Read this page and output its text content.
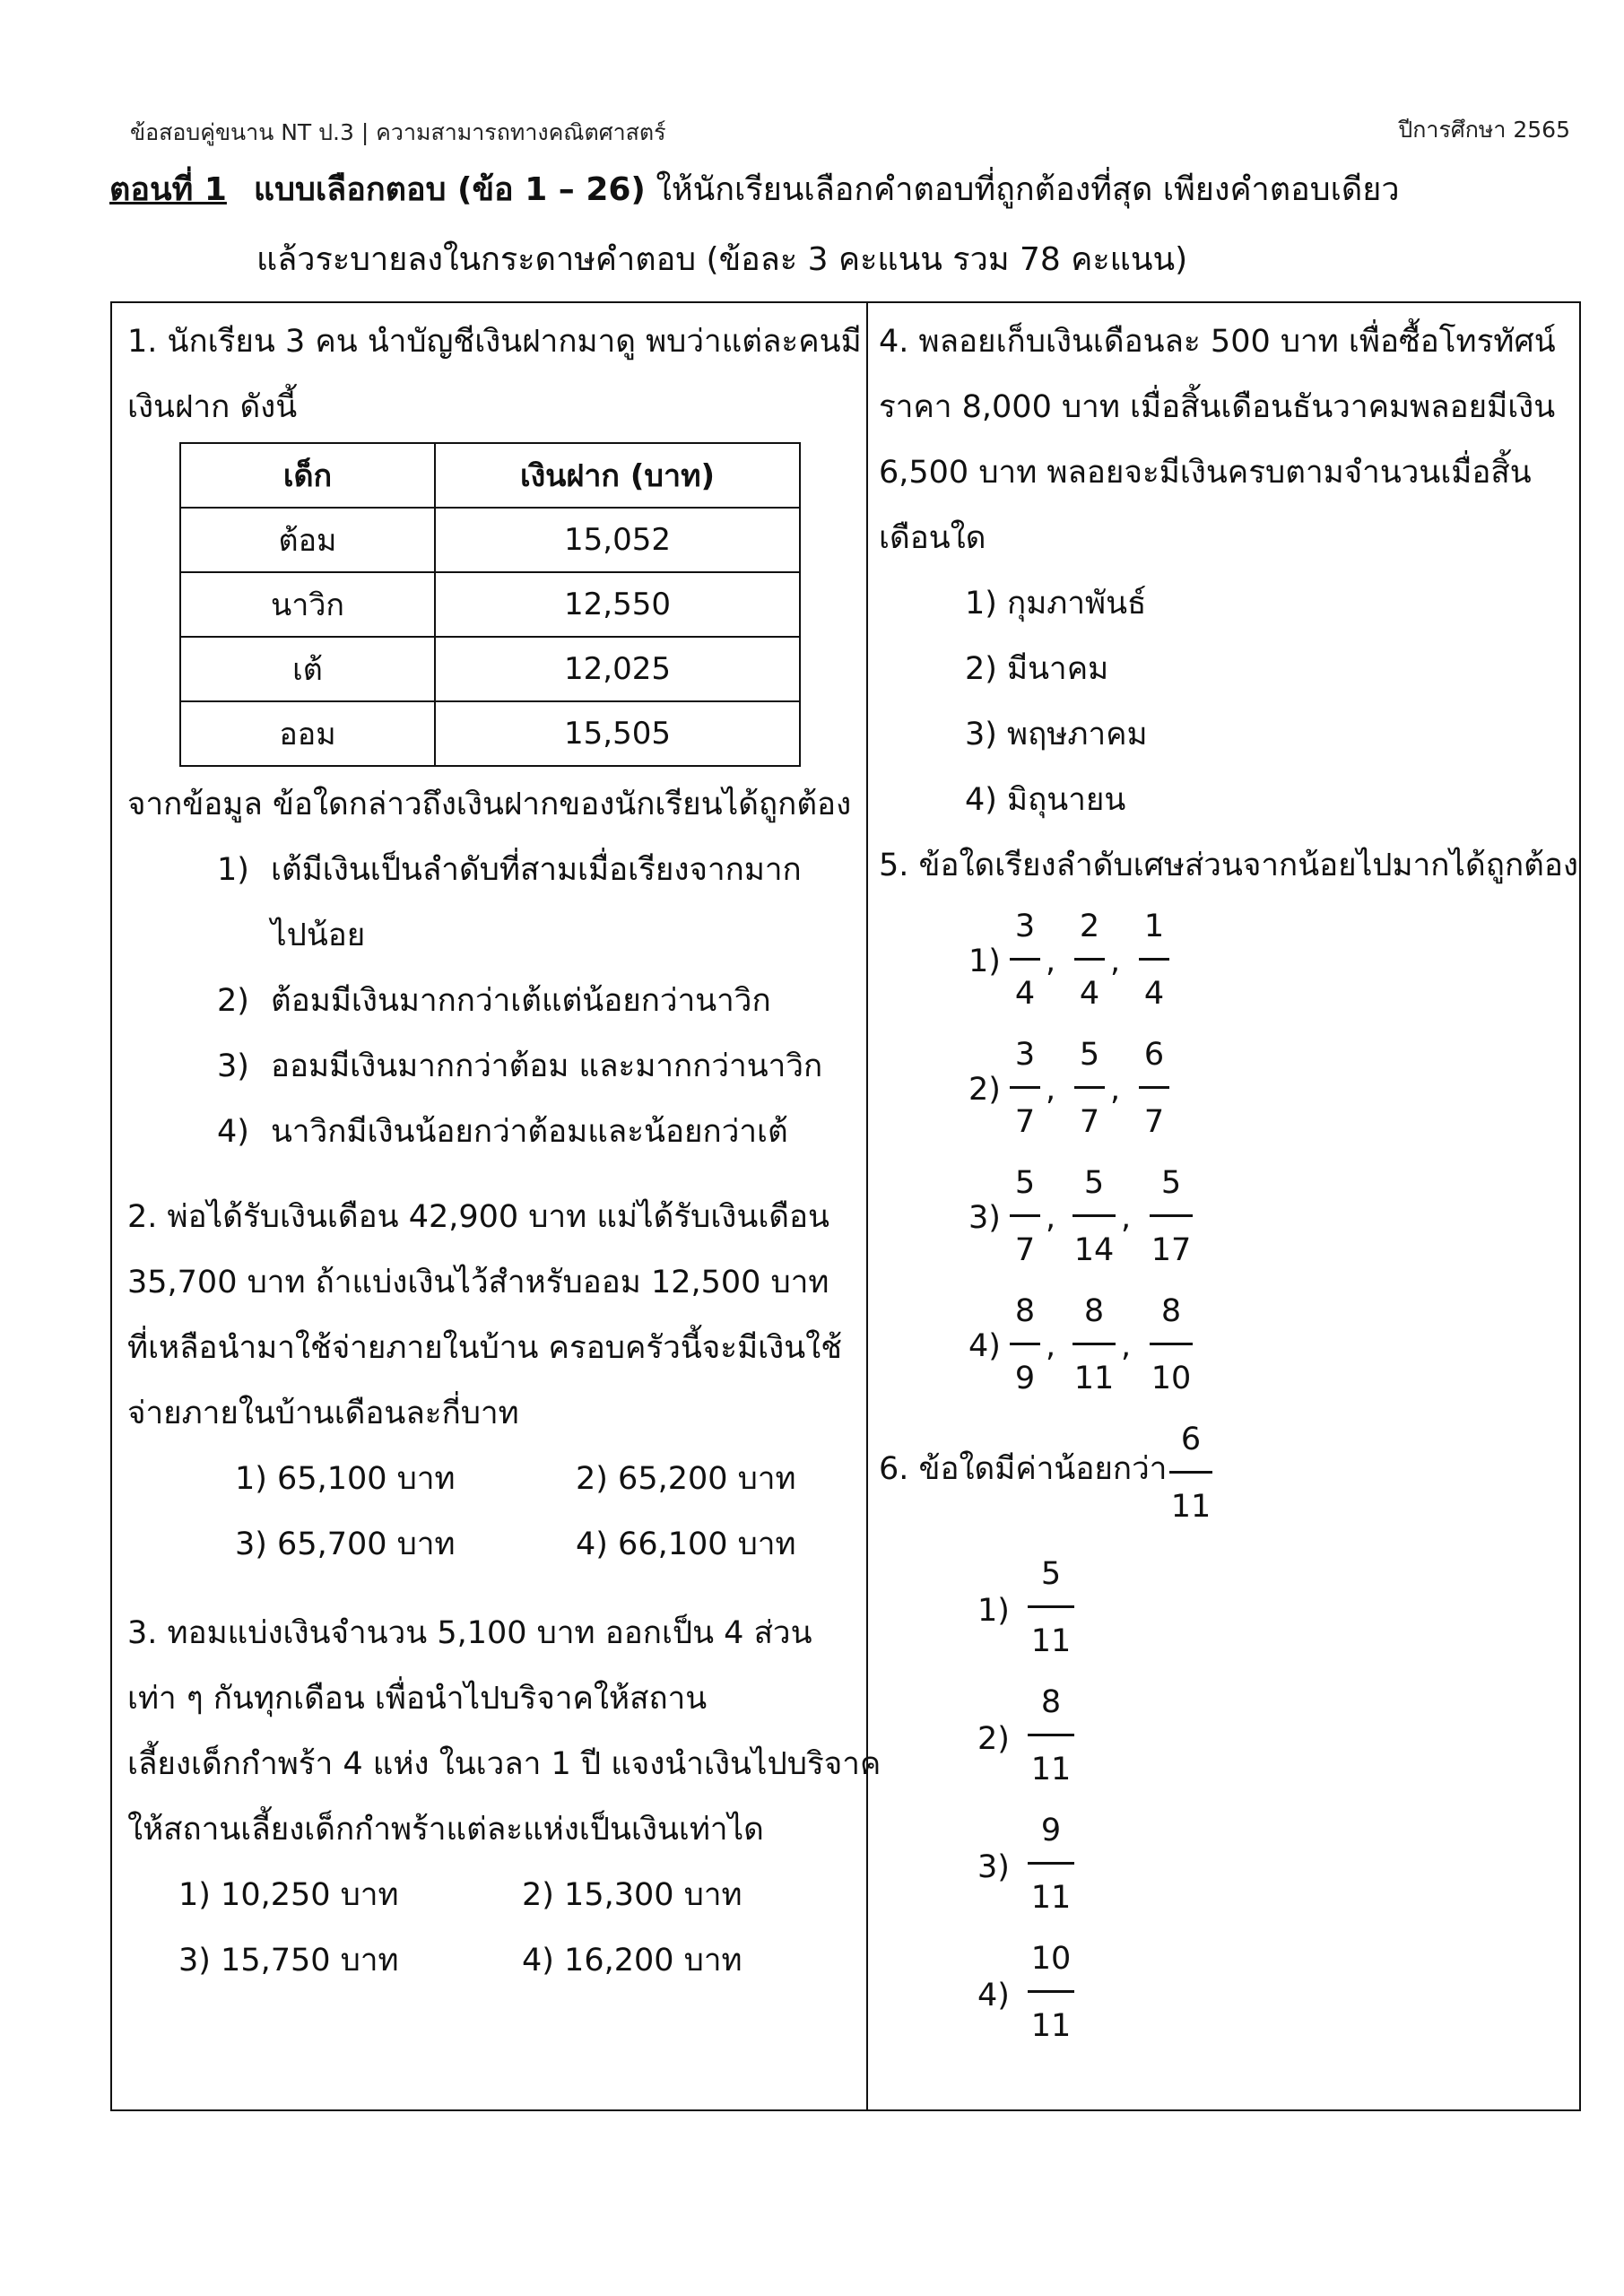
ข้อสอบคู่ขนาน NT ป.3 | ความสามารถทางคณิตศาสตร์	ปีการศึกษา 2565
ตอนที่ 1 แบบเลือกตอบ (ข้อ 1 – 26) ให้นักเรียนเลือกคำตอบที่ถูกต้องที่สุด เพียงคำตอบเดียว
แล้วระบายลงในกระดาษคำตอบ (ข้อละ 3 คะแนน รวม 78 คะแนน)
1. นักเรียน 3 คน นำบัญชีเงินฝากมาดู พบว่าแต่ละคนมี
เงินฝาก ดังนี้
เด็ก	เงินฝาก (บาท)
ต้อม	15,052
นาวิก	12,550
เต้	12,025
ออม	15,505
จากข้อมูล ข้อใดกล่าวถึงเงินฝากของนักเรียนได้ถูกต้อง
1) เต้มีเงินเป็นลำดับที่สามเมื่อเรียงจากมาก
ไปน้อย
2) ต้อมมีเงินมากกว่าเต้แต่น้อยกว่านาวิก
3) ออมมีเงินมากกว่าต้อม และมากกว่านาวิก
4) นาวิกมีเงินน้อยกว่าต้อมและน้อยกว่าเต้
2. พ่อได้รับเงินเดือน 42,900 บาท แม่ได้รับเงินเดือน
35,700 บาท ถ้าแบ่งเงินไว้สำหรับออม 12,500 บาท
ที่เหลือนำมาใช้จ่ายภายในบ้าน ครอบครัวนี้จะมีเงินใช้
จ่ายภายในบ้านเดือนละกี่บาท
1) 65,100 บาท	2) 65,200 บาท
3) 65,700 บาท	4) 66,100 บาท
3. ทอมแบ่งเงินจำนวน 5,100 บาท ออกเป็น 4 ส่วน
เท่า ๆ กันทุกเดือน เพื่อนำไปบริจาคให้สถาน
เลี้ยงเด็กกำพร้า 4 แห่ง ในเวลา 1 ปี แจงนำเงินไปบริจาค
ให้สถานเลี้ยงเด็กกำพร้าแต่ละแห่งเป็นเงินเท่าได
1) 10,250 บาท	2) 15,300 บาท
3) 15,750 บาท	4) 16,200 บาท
4. พลอยเก็บเงินเดือนละ 500 บาท เพื่อซื้อโทรทัศน์
ราคา 8,000 บาท เมื่อสิ้นเดือนธันวาคมพลอยมีเงิน
6,500 บาท พลอยจะมีเงินครบตามจำนวนเมื่อสิ้น
เดือนใด
1) กุมภาพันธ์
2) มีนาคม
3) พฤษภาคม
4) มิถุนายน
5. ข้อใดเรียงลำดับเศษส่วนจากน้อยไปมากได้ถูกต้อง
1)
3
4
,
2
4
,
1
4
2)
3
7
,
5
7
,
6
7
3)
5
7
,
5
14
,
5
17
4)
8
9
,
8
11
,
8
10
6. ข้อใดมีค่าน้อยกว่า
6
11
1)
5
11
2)
8
11
3)
9
11
4)
10
11
